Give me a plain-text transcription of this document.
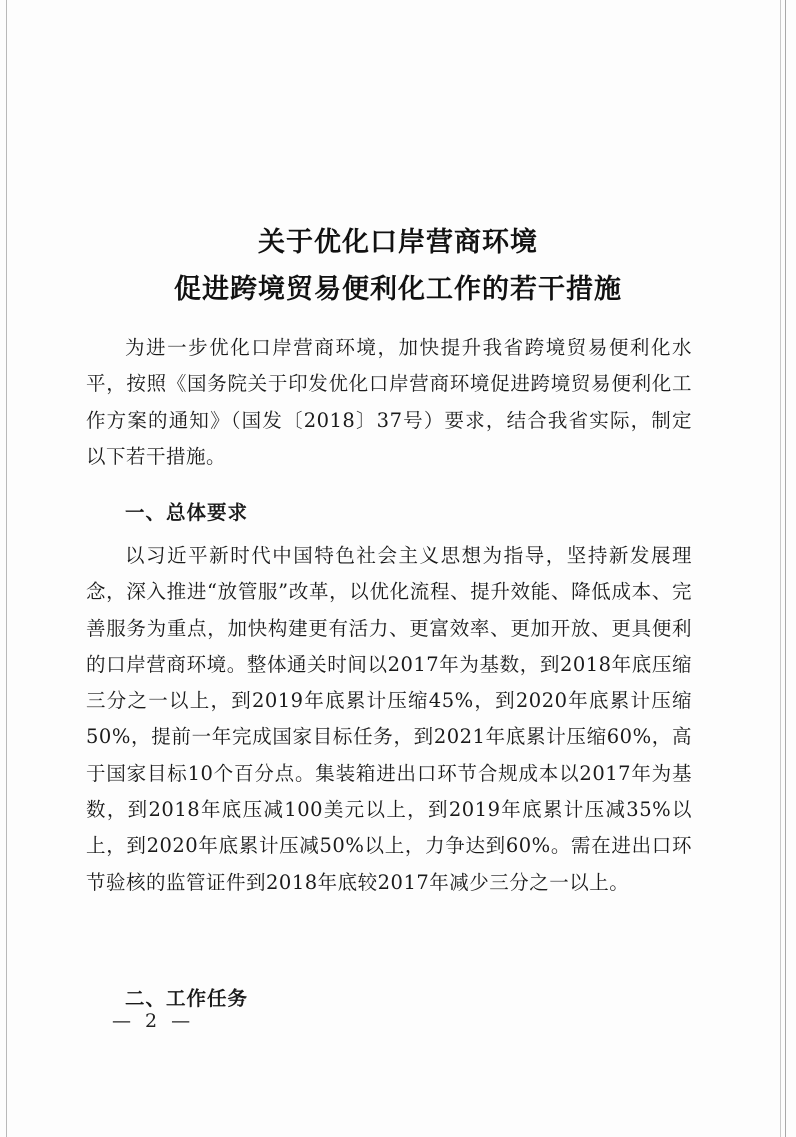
关于优化口岸营商环境
促进跨境贸易便利化工作的若干措施

为进一步优化口岸营商环境，加快提升我省跨境贸易便利化水平，按照《国务院关于印发优化口岸营商环境促进跨境贸易便利化工作方案的通知》（国发〔2018〕37号）要求，结合我省实际，制定以下若干措施。

一、总体要求

以习近平新时代中国特色社会主义思想为指导，坚持新发展理念，深入推进“放管服”改革，以优化流程、提升效能、降低成本、完善服务为重点，加快构建更有活力、更富效率、更加开放、更具便利的口岸营商环境。整体通关时间以2017年为基数，到2018年底压缩三分之一以上，到2019年底累计压缩45%，到2020年底累计压缩50%，提前一年完成国家目标任务，到2021年底累计压缩60%，高于国家目标10个百分点。集装箱进出口环节合规成本以2017年为基数，到2018年底压减100美元以上，到2019年底累计压减35%以上，到2020年底累计压减50%以上，力争达到60%。需在进出口环节验核的监管证件到2018年底较2017年减少三分之一以上。

二、工作任务

— 2 —
